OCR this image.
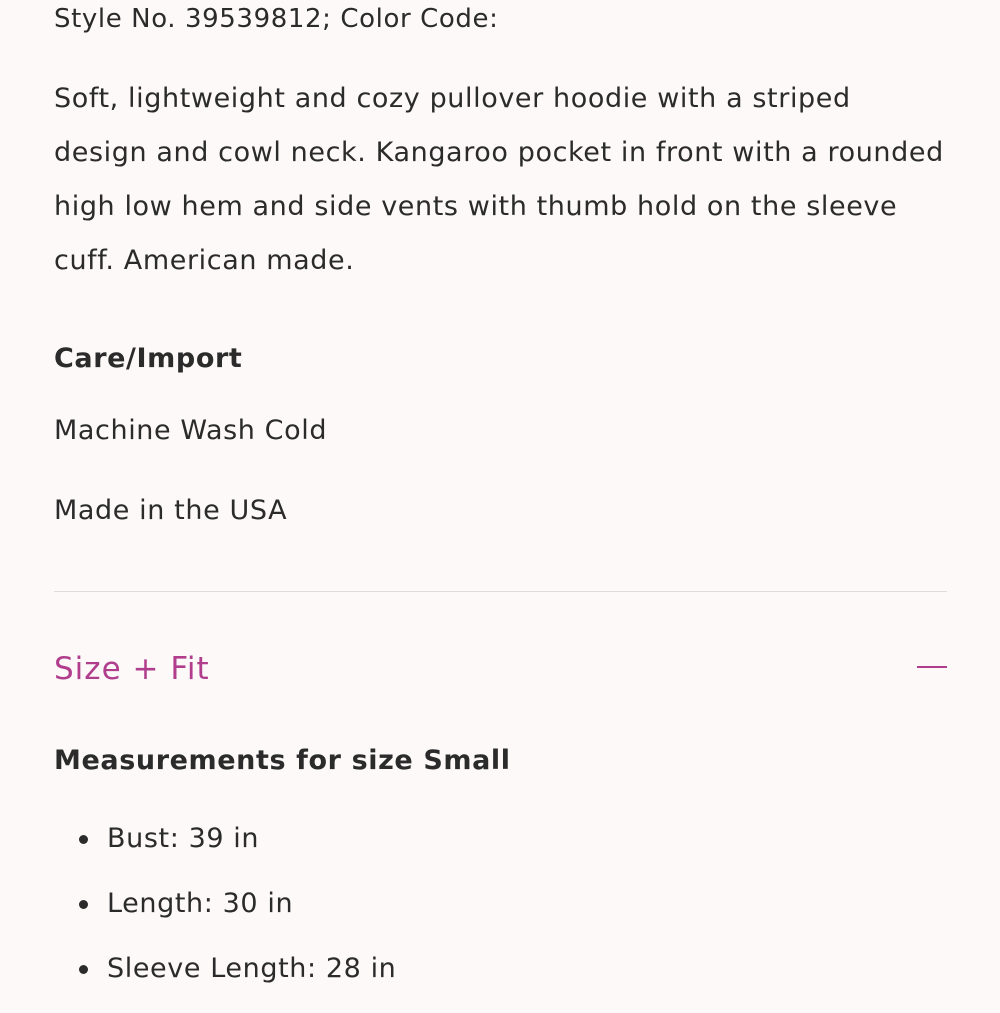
Style No. 39539812; Color Code:

Soft, lightweight and cozy pullover hoodie with a striped design and cowl neck. Kangaroo pocket in front with a rounded high low hem and side vents with thumb hold on the sleeve cuff. American made.

Care/Import

Machine Wash Cold

Made in the USA

Size + Fit
Measurements for size Small
Bust: 39 in
Length: 30 in
Sleeve Length: 28 in
